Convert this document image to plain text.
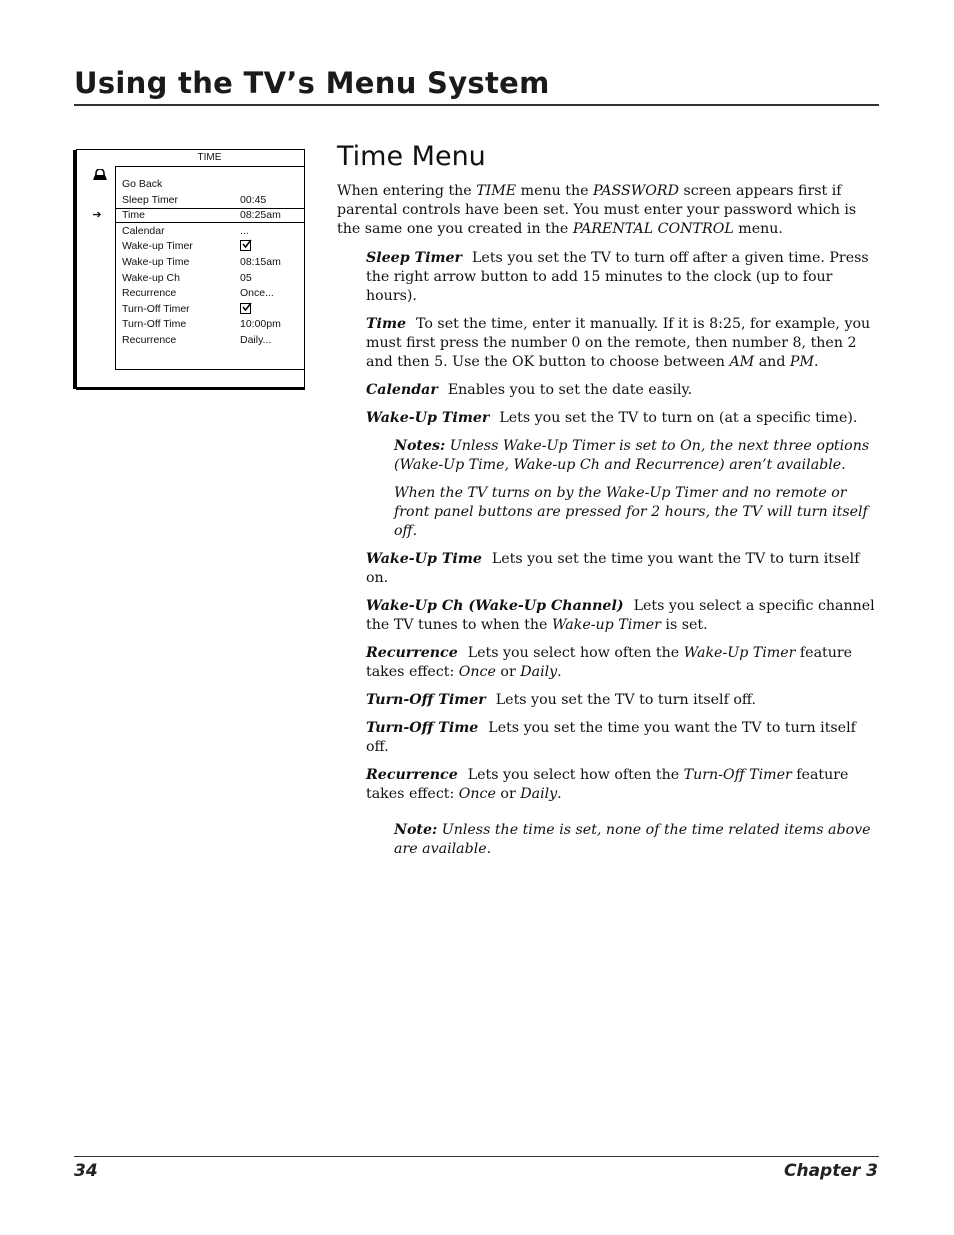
Using the TV’s Menu System
TIME
Go Back
Sleep Timer	00:45
➔	Time	08:25am
Calendar	...
Wake-up Timer
Wake-up Time	08:15am
Wake-up Ch	05
Recurrence	Once...
Turn-Off Timer
Turn-Off Time	10:00pm
Recurrence	Daily...
Time Menu

When entering the TIME menu the PASSWORD screen appears first if parental controls have been set. You must enter your password which is the same one you created in the PARENTAL CONTROL menu.

Sleep Timer Lets you set the TV to turn off after a given time. Press the right arrow button to add 15 minutes to the clock (up to four hours).

Time To set the time, enter it manually. If it is 8:25, for example, you must first press the number 0 on the remote, then number 8, then 2 and then 5. Use the OK button to choose between AM and PM.

Calendar Enables you to set the date easily.

Wake-Up Timer Lets you set the TV to turn on (at a specific time).

Notes: Unless Wake-Up Timer is set to On, the next three options (Wake-Up Time, Wake-up Ch and Recurrence) aren’t available.

When the TV turns on by the Wake-Up Timer and no remote or front panel buttons are pressed for 2 hours, the TV will turn itself off.

Wake-Up Time Lets you set the time you want the TV to turn itself on.

Wake-Up Ch (Wake-Up Channel) Lets you select a specific channel the TV tunes to when the Wake-up Timer is set.

Recurrence Lets you select how often the Wake-Up Timer feature takes effect: Once or Daily.

Turn-Off Timer Lets you set the TV to turn itself off.

Turn-Off Time Lets you set the time you want the TV to turn itself off.

Recurrence Lets you select how often the Turn-Off Timer feature takes effect: Once or Daily.

Note: Unless the time is set, none of the time related items above are available.

34	Chapter 3
